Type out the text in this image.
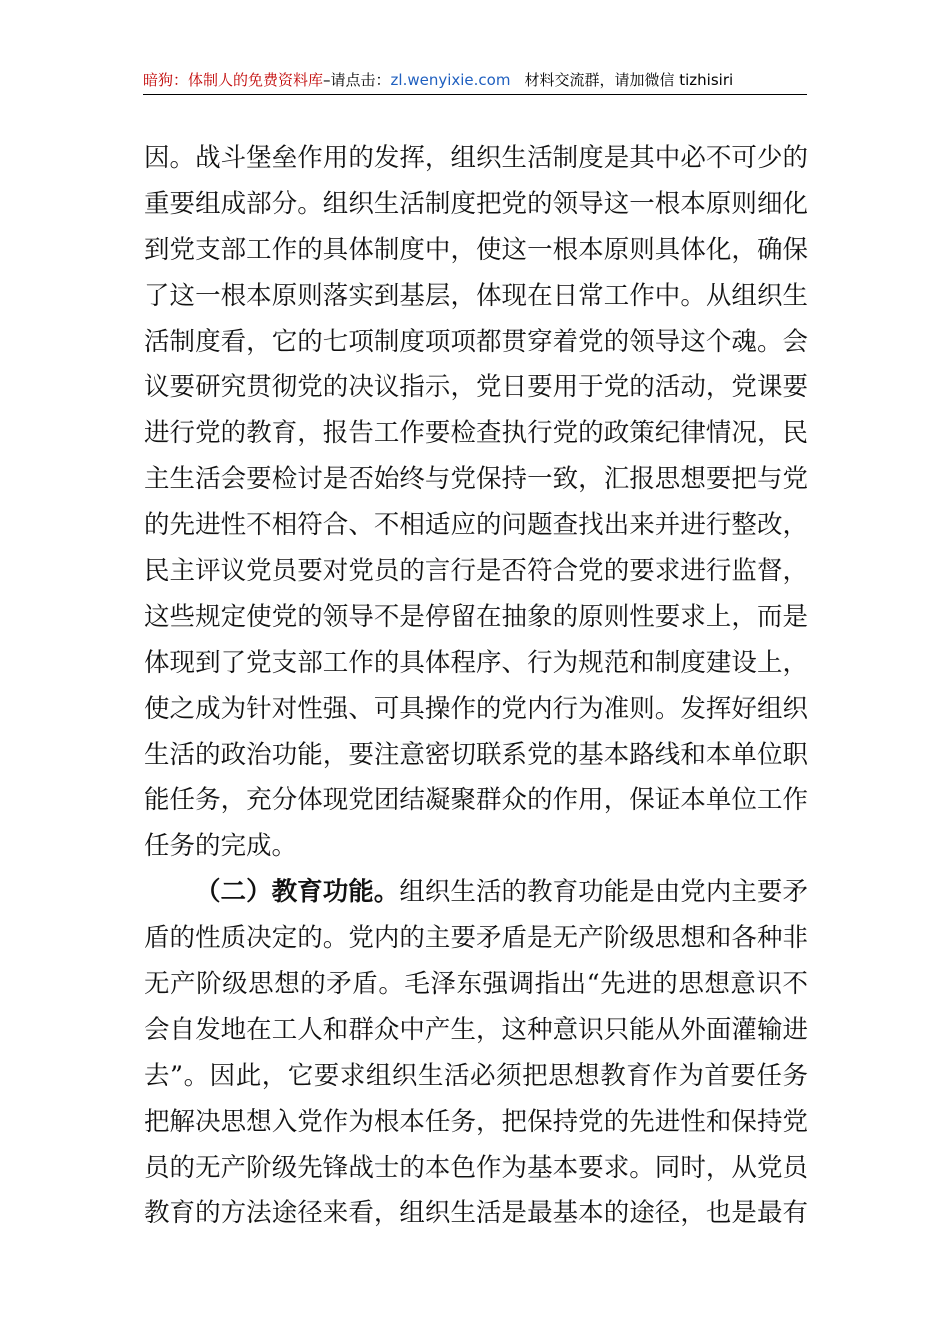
暗狗：体制人的免费资料库–请点击：zl.wenyixie.com 材料交流群，请加微信 tizhisiri
因。战斗堡垒作用的发挥，组织生活制度是其中必不可少的
重要组成部分。组织生活制度把党的领导这一根本原则细化
到党支部工作的具体制度中，使这一根本原则具体化，确保
了这一根本原则落实到基层，体现在日常工作中。从组织生
活制度看，它的七项制度项项都贯穿着党的领导这个魂。会
议要研究贯彻党的决议指示，党日要用于党的活动，党课要
进行党的教育，报告工作要检查执行党的政策纪律情况，民
主生活会要检讨是否始终与党保持一致，汇报思想要把与党
的先进性不相符合、不相适应的问题查找出来并进行整改，
民主评议党员要对党员的言行是否符合党的要求进行监督，
这些规定使党的领导不是停留在抽象的原则性要求上，而是
体现到了党支部工作的具体程序、行为规范和制度建设上，
使之成为针对性强、可具操作的党内行为准则。发挥好组织
生活的政治功能，要注意密切联系党的基本路线和本单位职
能任务，充分体现党团结凝聚群众的作用，保证本单位工作
任务的完成。
（二）教育功能。组织生活的教育功能是由党内主要矛
盾的性质决定的。党内的主要矛盾是无产阶级思想和各种非
无产阶级思想的矛盾。毛泽东强调指出“先进的思想意识不
会自发地在工人和群众中产生，这种意识只能从外面灌输进
去”。因此，它要求组织生活必须把思想教育作为首要任务
把解决思想入党作为根本任务，把保持党的先进性和保持党
员的无产阶级先锋战士的本色作为基本要求。同时，从党员
教育的方法途径来看，组织生活是最基本的途径，也是最有
